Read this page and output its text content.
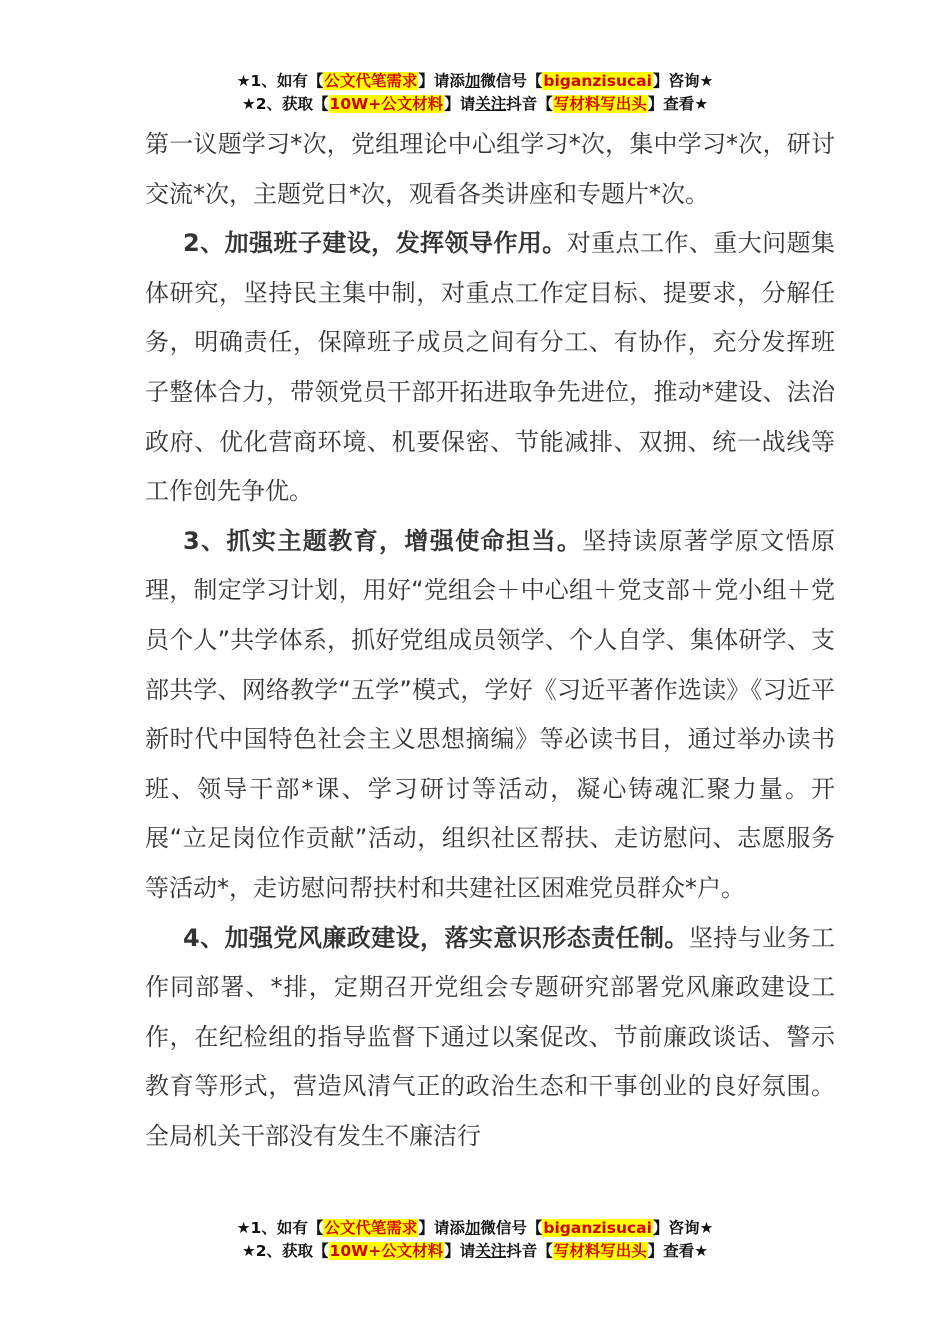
★1、如有【公文代笔需求】请添加微信号【biganzisucai】咨询★
★2、获取【10W+公文材料】请关注抖音【写材料写出头】查看★

第一议题学习*次，党组理论中心组学习*次，集中学习*次，研讨交流*次，主题党日*次，观看各类讲座和专题片*次。

2、加强班子建设，发挥领导作用。对重点工作、重大问题集体研究，坚持民主集中制，对重点工作定目标、提要求，分解任务，明确责任，保障班子成员之间有分工、有协作，充分发挥班子整体合力，带领党员干部开拓进取争先进位，推动*建设、法治政府、优化营商环境、机要保密、节能减排、双拥、统一战线等工作创先争优。

3、抓实主题教育，增强使命担当。坚持读原著学原文悟原理，制定学习计划，用好“党组会＋中心组＋党支部＋党小组＋党员个人”共学体系，抓好党组成员领学、个人自学、集体研学、支部共学、网络教学“五学”模式，学好《习近平著作选读》《习近平新时代中国特色社会主义思想摘编》等必读书目，通过举办读书班、领导干部*课、学习研讨等活动，凝心铸魂汇聚力量。开展“立足岗位作贡献”活动，组织社区帮扶、走访慰问、志愿服务等活动*，走访慰问帮扶村和共建社区困难党员群众*户。

4、加强党风廉政建设，落实意识形态责任制。坚持与业务工作同部署、*排，定期召开党组会专题研究部署党风廉政建设工作，在纪检组的指导监督下通过以案促改、节前廉政谈话、警示教育等形式，营造风清气正的政治生态和干事创业的良好氛围。全局机关干部没有发生不廉洁行

★1、如有【公文代笔需求】请添加微信号【biganzisucai】咨询★
★2、获取【10W+公文材料】请关注抖音【写材料写出头】查看★
